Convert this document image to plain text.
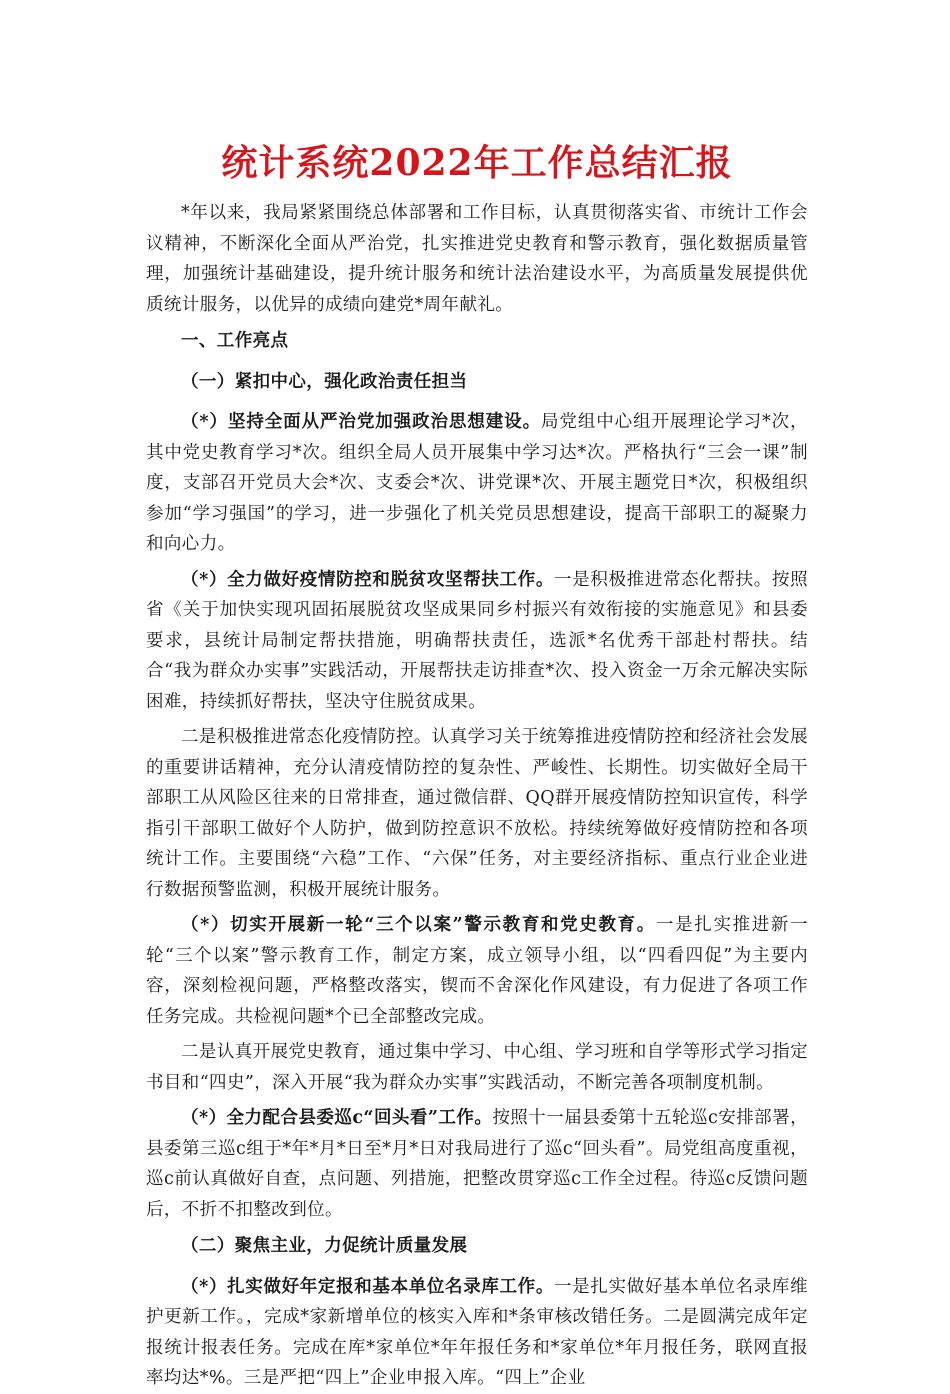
统计系统2022年工作总结汇报

*年以来，我局紧紧围绕总体部署和工作目标，认真贯彻落实省、市统计工作会议精神，不断深化全面从严治党，扎实推进党史教育和警示教育，强化数据质量管理，加强统计基础建设，提升统计服务和统计法治建设水平，为高质量发展提供优质统计服务，以优异的成绩向建党*周年献礼。

一、工作亮点

（一）紧扣中心，强化政治责任担当

（*）坚持全面从严治党加强政治思想建设。局党组中心组开展理论学习*次，其中党史教育学习*次。组织全局人员开展集中学习达*次。严格执行“三会一课”制度，支部召开党员大会*次、支委会*次、讲党课*次、开展主题党日*次，积极组织参加“学习强国”的学习，进一步强化了机关党员思想建设，提高干部职工的凝聚力和向心力。

（*）全力做好疫情防控和脱贫攻坚帮扶工作。一是积极推进常态化帮扶。按照省《关于加快实现巩固拓展脱贫攻坚成果同乡村振兴有效衔接的实施意见》和县委要求，县统计局制定帮扶措施，明确帮扶责任，选派*名优秀干部赴村帮扶。结合“我为群众办实事”实践活动，开展帮扶走访排查*次、投入资金一万余元解决实际困难，持续抓好帮扶，坚决守住脱贫成果。

二是积极推进常态化疫情防控。认真学习关于统筹推进疫情防控和经济社会发展的重要讲话精神，充分认清疫情防控的复杂性、严峻性、长期性。切实做好全局干部职工从风险区往来的日常排查，通过微信群、QQ群开展疫情防控知识宣传，科学指引干部职工做好个人防护，做到防控意识不放松。持续统筹做好疫情防控和各项统计工作。主要围绕“六稳”工作、“六保”任务，对主要经济指标、重点行业企业进行数据预警监测，积极开展统计服务。

（*）切实开展新一轮“三个以案”警示教育和党史教育。一是扎实推进新一轮“三个以案”警示教育工作，制定方案，成立领导小组，以“四看四促”为主要内容，深刻检视问题，严格整改落实，锲而不舍深化作风建设，有力促进了各项工作任务完成。共检视问题*个已全部整改完成。

二是认真开展党史教育，通过集中学习、中心组、学习班和自学等形式学习指定书目和“四史”，深入开展“我为群众办实事”实践活动，不断完善各项制度机制。

（*）全力配合县委巡c“回头看”工作。按照十一届县委第十五轮巡c安排部署，县委第三巡c组于*年*月*日至*月*日对我局进行了巡c“回头看”。局党组高度重视，巡c前认真做好自查，点问题、列措施，把整改贯穿巡c工作全过程。待巡c反馈问题后，不折不扣整改到位。

（二）聚焦主业，力促统计质量发展

（*）扎实做好年定报和基本单位名录库工作。一是扎实做好基本单位名录库维护更新工作。，完成*家新增单位的核实入库和*条审核改错任务。二是圆满完成年定报统计报表任务。完成在库*家单位*年年报任务和*家单位*年月报任务，联网直报率均达*%。三是严把“四上”企业申报入库。“四上”企业
